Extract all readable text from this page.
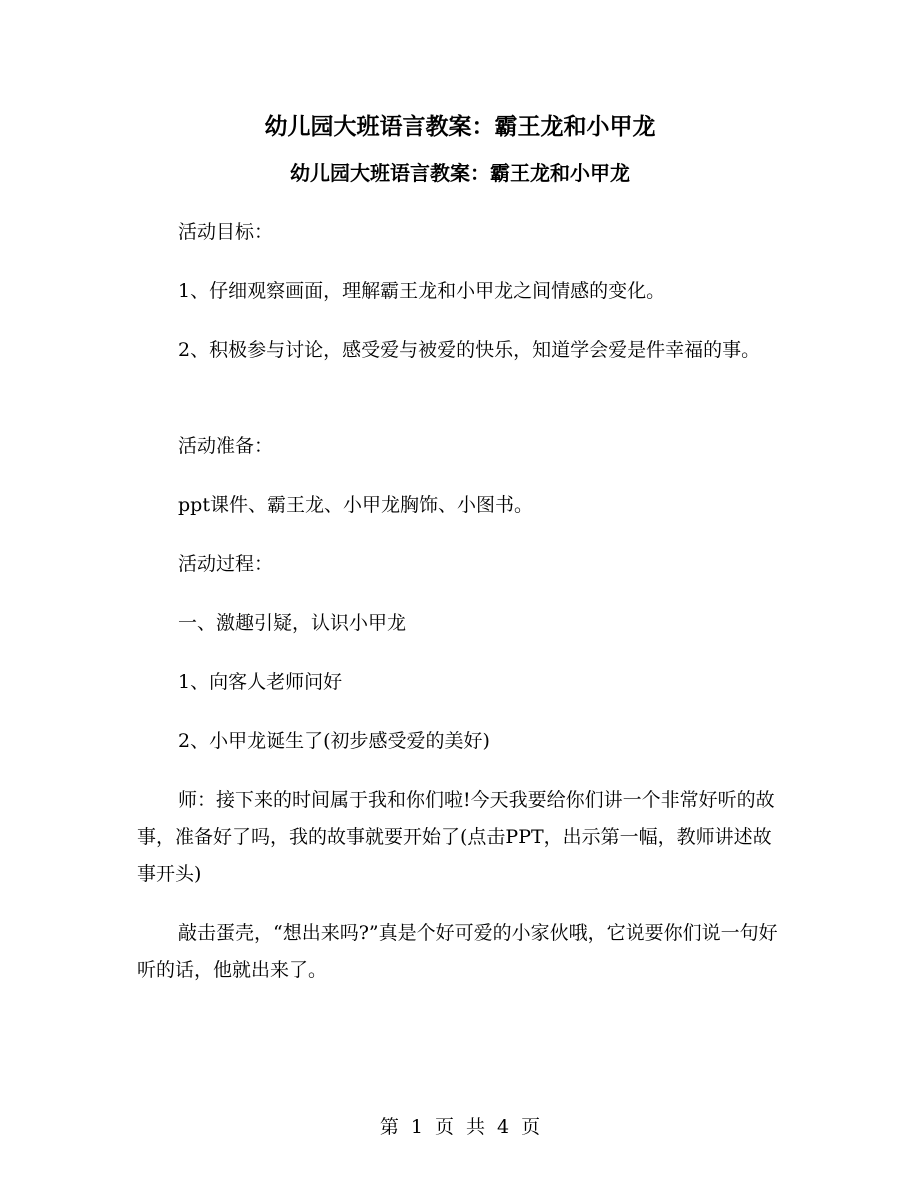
幼儿园大班语言教案：霸王龙和小甲龙
幼儿园大班语言教案：霸王龙和小甲龙
活动目标：
1、仔细观察画面，理解霸王龙和小甲龙之间情感的变化。
2、积极参与讨论，感受爱与被爱的快乐，知道学会爱是件幸福的事。
活动准备：
ppt课件、霸王龙、小甲龙胸饰、小图书。
活动过程：
一、激趣引疑，认识小甲龙
1、向客人老师问好
2、小甲龙诞生了(初步感受爱的美好)
师：接下来的时间属于我和你们啦!今天我要给你们讲一个非常好听的故事，准备好了吗，我的故事就要开始了(点击PPT，出示第一幅，教师讲述故事开头)
敲击蛋壳，“想出来吗?”真是个好可爱的小家伙哦，它说要你们说一句好听的话，他就出来了。
第 1 页 共 4 页
